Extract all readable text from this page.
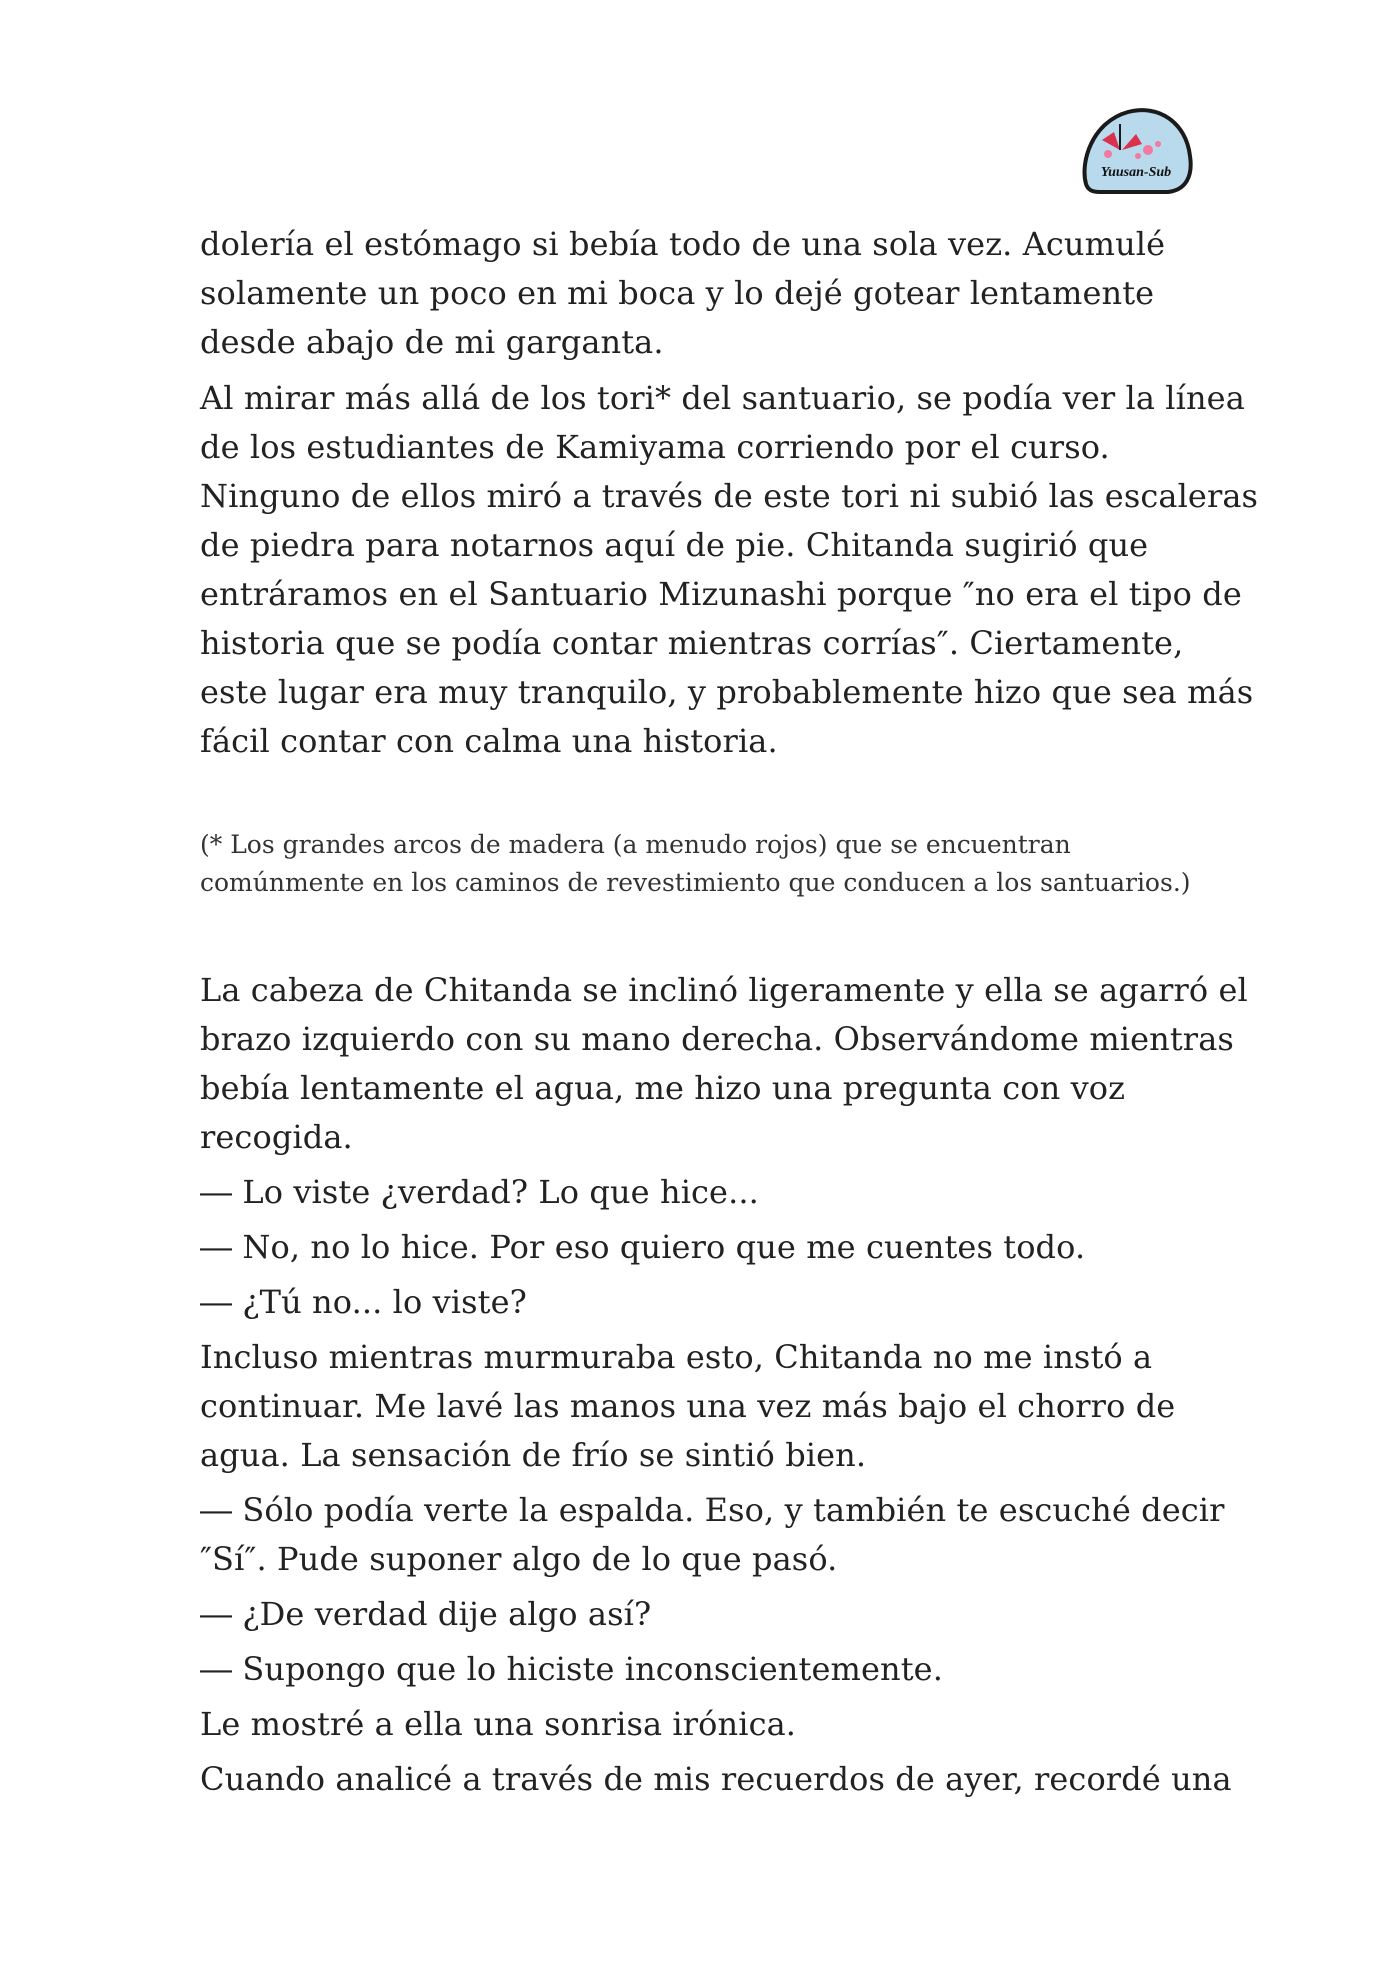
Yuusan-Sub
dolería el estómago si bebía todo de una sola vez. Acumulé
solamente un poco en mi boca y lo dejé gotear lentamente
desde abajo de mi garganta.
Al mirar más allá de los tori* del santuario, se podía ver la línea
de los estudiantes de Kamiyama corriendo por el curso.
Ninguno de ellos miró a través de este tori ni subió las escaleras
de piedra para notarnos aquí de pie. Chitanda sugirió que
entráramos en el Santuario Mizunashi porque ″no era el tipo de
historia que se podía contar mientras corrías″. Ciertamente,
este lugar era muy tranquilo, y probablemente hizo que sea más
fácil contar con calma una historia.
(* Los grandes arcos de madera (a menudo rojos) que se encuentran
comúnmente en los caminos de revestimiento que conducen a los santuarios.)
La cabeza de Chitanda se inclinó ligeramente y ella se agarró el
brazo izquierdo con su mano derecha. Observándome mientras
bebía lentamente el agua, me hizo una pregunta con voz
recogida.
― Lo viste ¿verdad? Lo que hice...
― No, no lo hice. Por eso quiero que me cuentes todo.
― ¿Tú no... lo viste?
Incluso mientras murmuraba esto, Chitanda no me instó a
continuar. Me lavé las manos una vez más bajo el chorro de
agua. La sensación de frío se sintió bien.
― Sólo podía verte la espalda. Eso, y también te escuché decir
″Sí″. Pude suponer algo de lo que pasó.
― ¿De verdad dije algo así?
― Supongo que lo hiciste inconscientemente.
Le mostré a ella una sonrisa irónica.
Cuando analicé a través de mis recuerdos de ayer, recordé una
